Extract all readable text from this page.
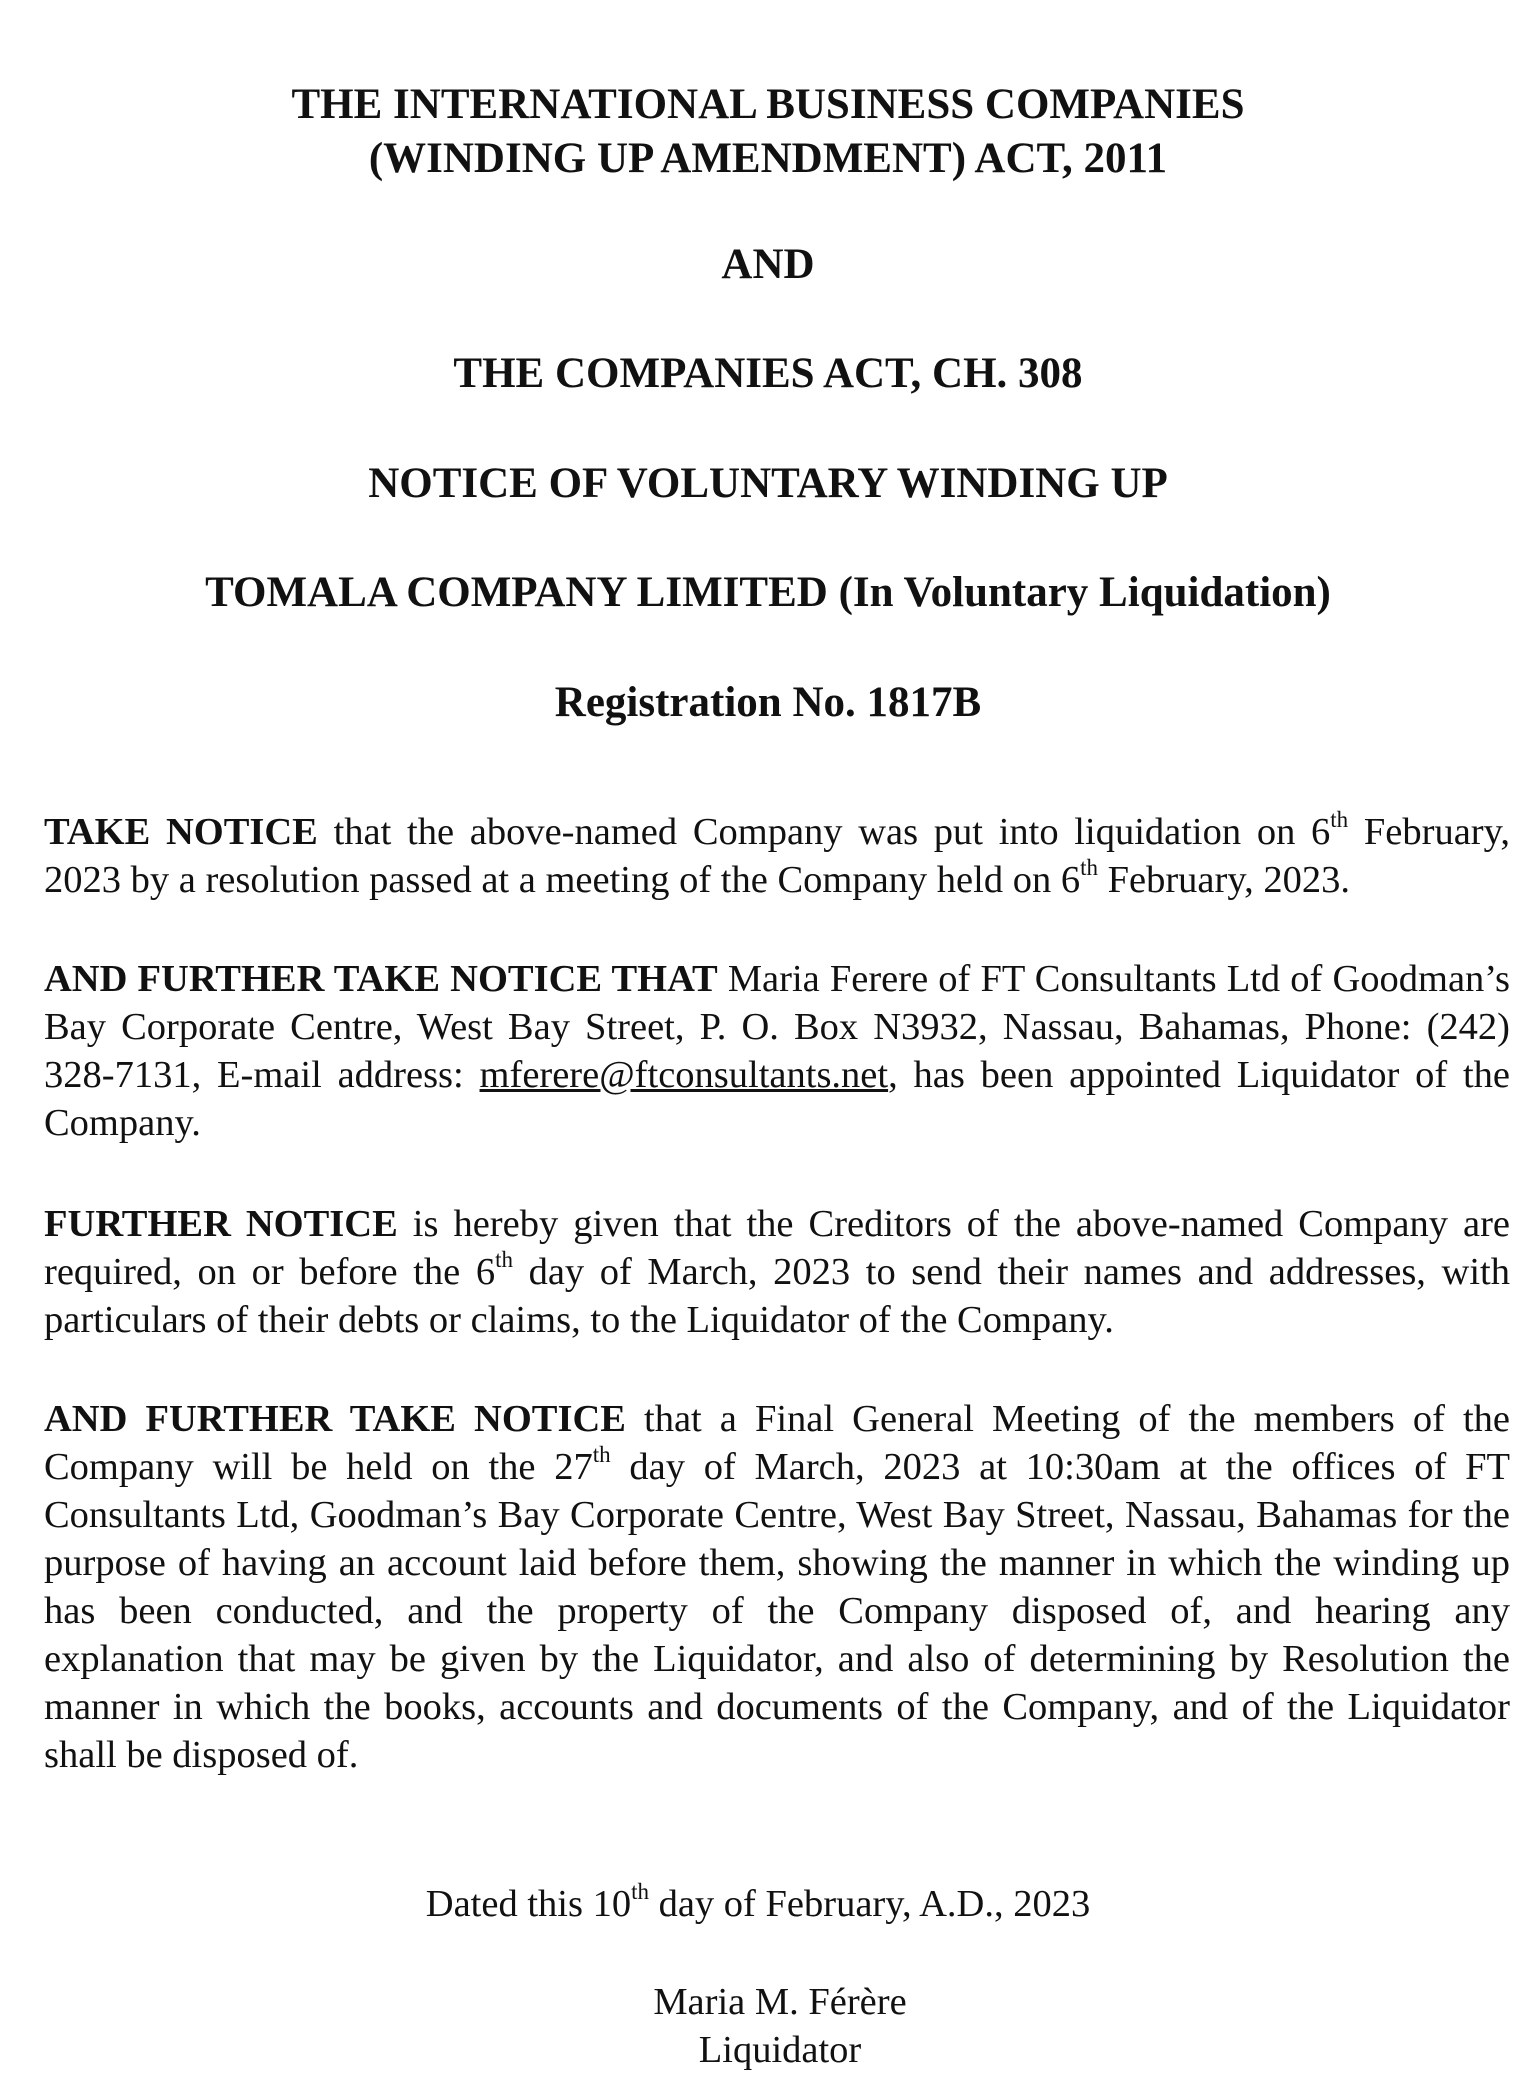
THE INTERNATIONAL BUSINESS COMPANIES
(WINDING UP AMENDMENT) ACT, 2011
AND
THE COMPANIES ACT, CH. 308
NOTICE OF VOLUNTARY WINDING UP
TOMALA COMPANY LIMITED (In Voluntary Liquidation)
Registration No. 1817B

TAKE NOTICE that the above-named Company was put into liquidation on 6th February, 2023 by a resolution passed at a meeting of the Company held on 6th February, 2023.

AND FURTHER TAKE NOTICE THAT Maria Ferere of FT Consultants Ltd of Goodman’s Bay Corporate Centre, West Bay Street, P. O. Box N3932, Nassau, Bahamas, Phone: (242) 328-7131, E-mail address: mferere@ftconsultants.net, has been appointed Liquidator of the Company.

FURTHER NOTICE is hereby given that the Creditors of the above-named Company are required, on or before the 6th day of March, 2023 to send their names and addresses, with particulars of their debts or claims, to the Liquidator of the Company.

AND FURTHER TAKE NOTICE that a Final General Meeting of the members of the Company will be held on the 27th day of March, 2023 at 10:30am at the offices of FT Consultants Ltd, Goodman’s Bay Corporate Centre, West Bay Street, Nassau, Bahamas for the purpose of having an account laid before them, showing the manner in which the winding up has been conducted, and the property of the Company disposed of, and hearing any explanation that may be given by the Liquidator, and also of determining by Resolution the manner in which the books, accounts and documents of the Company, and of the Liquidator shall be disposed of.

Dated this 10th day of February, A.D., 2023

Maria M. Férère

Liquidator
